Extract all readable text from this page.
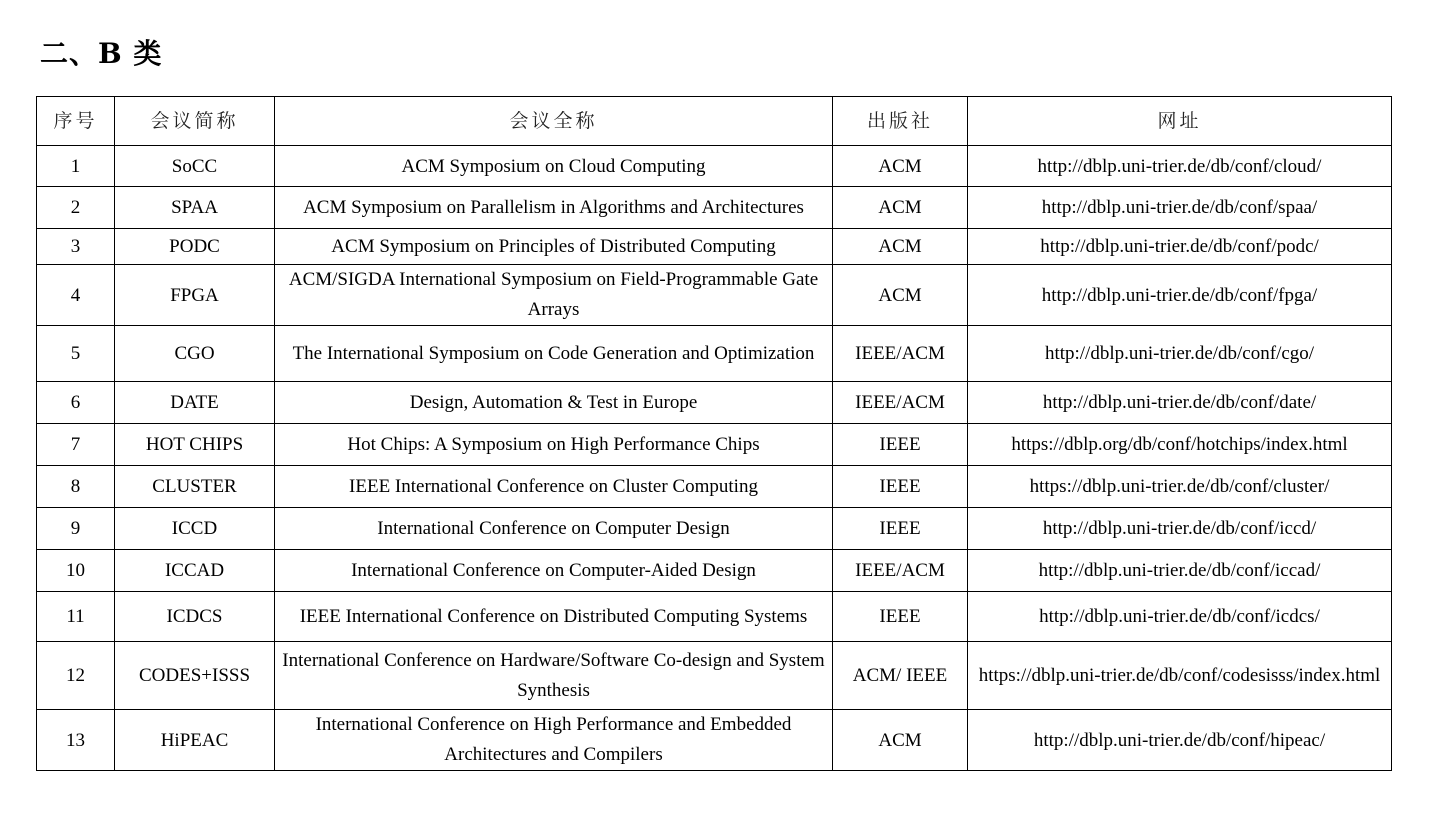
二、B 类
序号	会议简称	会议全称	出版社	网址
1	SoCC	ACM Symposium on Cloud Computing	ACM	http://dblp.uni-trier.de/db/conf/cloud/
2	SPAA	ACM Symposium on Parallelism in Algorithms and Architectures	ACM	http://dblp.uni-trier.de/db/conf/spaa/
3	PODC	ACM Symposium on Principles of Distributed Computing	ACM	http://dblp.uni-trier.de/db/conf/podc/
4	FPGA	ACM/SIGDA International Symposium on Field-Programmable Gate Arrays	ACM	http://dblp.uni-trier.de/db/conf/fpga/
5	CGO	The International Symposium on Code Generation and Optimization	IEEE/ACM	http://dblp.uni-trier.de/db/conf/cgo/
6	DATE	Design, Automation & Test in Europe	IEEE/ACM	http://dblp.uni-trier.de/db/conf/date/
7	HOT CHIPS	Hot Chips: A Symposium on High Performance Chips	IEEE	https://dblp.org/db/conf/hotchips/index.html
8	CLUSTER	IEEE International Conference on Cluster Computing	IEEE	https://dblp.uni-trier.de/db/conf/cluster/
9	ICCD	International Conference on Computer Design	IEEE	http://dblp.uni-trier.de/db/conf/iccd/
10	ICCAD	International Conference on Computer-Aided Design	IEEE/ACM	http://dblp.uni-trier.de/db/conf/iccad/
11	ICDCS	IEEE International Conference on Distributed Computing Systems	IEEE	http://dblp.uni-trier.de/db/conf/icdcs/
12	CODES+ISSS	International Conference on Hardware/Software Co-design and System Synthesis	ACM/ IEEE	https://dblp.uni-trier.de/db/conf/codesisss/index.html
13	HiPEAC	International Conference on High Performance and Embedded Architectures and Compilers	ACM	http://dblp.uni-trier.de/db/conf/hipeac/
